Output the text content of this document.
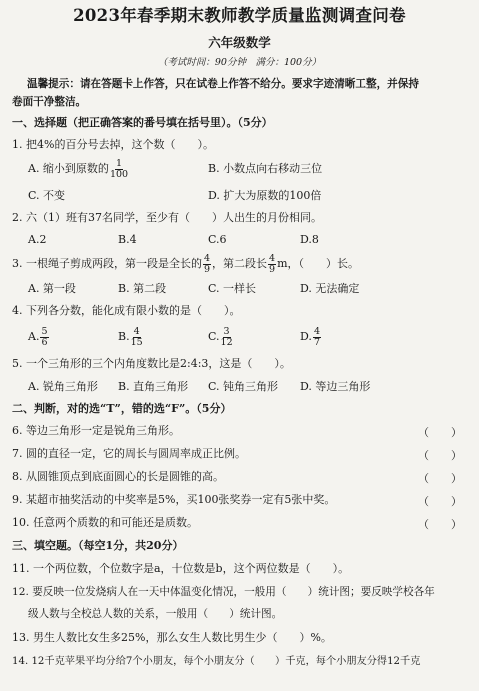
2023年春季期末教师教学质量监测调查问卷
六年级数学
（考试时间：90分钟　满分：100分）
温馨提示：请在答题卡上作答，只在试卷上作答不给分。要求字迹清晰工整，并保持
卷面干净整洁。
一、选择题（把正确答案的番号填在括号里）。（5分）
1. 把4%的百分号去掉，这个数（　　）。
A. 缩小到原数的 $\frac{1}{100}$	B. 小数点向右移动三位
C. 不变	D. 扩大为原数的100倍
2. 六（1）班有37名同学，至少有（　　）人出生的月份相同。
A.2	B.4	C.6	D.8
3. 一根绳子剪成两段，第一段是全长的 $\frac{4}{9}$ ，第二段长 $\frac{4}{9}$ m，（　　）长。
A. 第一段	B. 第二段	C. 一样长	D. 无法确定
4. 下列各分数，能化成有限小数的是（　　）。
A. $\frac{5}{6}$	B. $\frac{4}{15}$	C. $\frac{3}{12}$	D. $\frac{4}{7}$
5. 一个三角形的三个内角度数比是2:4:3，这是（　　）。
A. 锐角三角形 B. 直角三角形 C. 钝角三角形 D. 等边三角形
二、判断，对的选“T”，错的选“F”。（5分）
6. 等边三角形一定是锐角三角形。	（　　）
7. 圆的直径一定，它的周长与圆周率成正比例。	（　　）
8. 从圆锥顶点到底面圆心的长是圆锥的高。	（　　）
9. 某超市抽奖活动的中奖率是5%，买100张奖券一定有5张中奖。	（　　）
10. 任意两个质数的和可能还是质数。	（　　）
三、填空题。（每空1分，共20分）
11. 一个两位数，个位数字是a，十位数是b，这个两位数是（　　）。
12. 要反映一位发烧病人在一天中体温变化情况，一般用（　　）统计图；要反映学校各年
级人数与全校总人数的关系，一般用（　　）统计图。
13. 男生人数比女生多25%，那么女生人数比男生少（　　）%。
14. 12千克苹果平均分给7个小朋友，每个小朋友分（　　）千克，每个小朋友分得12千克
